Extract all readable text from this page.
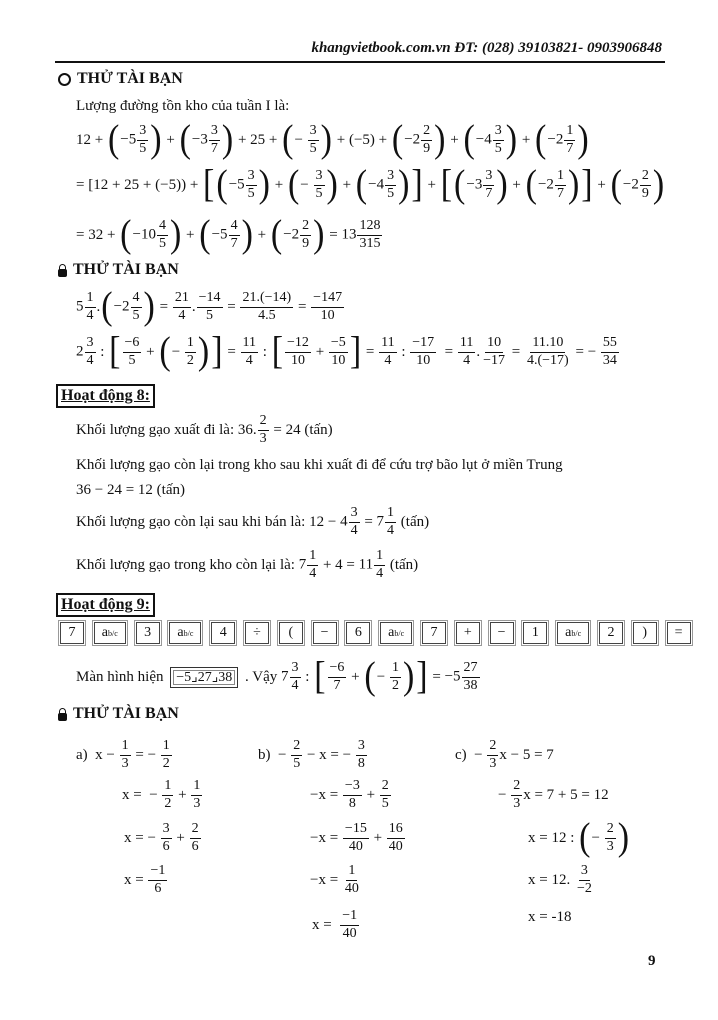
khangvietbook.com.vn ĐT: (028) 39103821- 0903906848
THỬ TÀI BẠN
Lượng đường tồn kho của tuần I là:
THỬ TÀI BẠN
Hoạt động 8:
Hoạt động 9:
7	a b/c	3	a b/c	4	÷	(	−	6	a b/c	7	+	−	1	a b/c	2	)	=
THỬ TÀI BẠN
9
12 + ( $-5 \frac{3}{5}$ ) + ( $-3 \frac{3}{7}$ ) + 25 + ( − $\frac{3}{5}$ ) + (−5) + ( $-2 \frac{2}{9}$ ) + ( $-4 \frac{3}{5}$ ) + ( $-2 \frac{1}{7}$ )
= [12 + 25 + (−5)) + [ ( $-5 \frac{3}{5}$ ) + ( − $\frac{3}{5}$ ) + ( $-4 \frac{3}{5}$ ) ] + [ ( $-3 \frac{3}{7}$ ) + ( $-2 \frac{1}{7}$ ) ] + ( $-2 \frac{2}{9}$ )
= 32 + ( $-10 \frac{4}{5}$ ) + ( $-5 \frac{4}{7}$ ) + ( $-2 \frac{2}{9}$ ) = $13 \frac{128}{315}$
$5 \frac{1}{4}$ . ( $-2 \frac{4}{5}$ ) = $\frac{21}{4}$ . $\frac{-14}{5} = \frac{21.(-14)}{4.5} = \frac{-147}{10}$
$2 \frac{3}{4}$ : [ $\frac{-6}{5}$ + ( − $\frac{1}{2}$ ) ] = $\frac{11}{4}$ : [ $\frac{-12}{10} + \frac{-5}{10}$ ] = $\frac{11}{4}$ : $\frac{-17}{10} = \frac{11}{4}$ . $\frac{10}{-17} = \frac{11.10}{4.(-17)}$ = − $\frac{55}{34}$
Khối lượng gạo xuất đi là: 36. $\frac{2}{3} = 24$ (tấn)
Khối lượng gạo còn lại trong kho sau khi xuất đi để cứu trợ bão lụt ở miền Trung
36 − 24 = 12 (tấn)
Khối lượng gạo còn lại sau khi bán là: $12 - 4 \frac{3}{4} = 7 \frac{1}{4}$ (tấn)
Khối lượng gạo trong kho còn lại là: $7 \frac{1}{4} + 4 = 11 \frac{1}{4}$ (tấn)
Màn hình hiện −5⌟27⌟38 . Vậy $7 \frac{3}{4}$ : [ $\frac{-6}{7}$ + ( − $\frac{1}{2}$ ) ] = $-5 \frac{27}{38}$
a)  $x - \frac{1}{3}$ = − $\frac{1}{2}$
x =  − $\frac{1}{2} + \frac{1}{3}$
x = − $\frac{3}{6} + \frac{2}{6}$
$x = \frac{-1}{6}$
$b) - \frac{2}{5} - x$ = − $\frac{3}{8}$
$-x = \frac{-3}{8} + \frac{2}{5}$
$-x = \frac{-15}{40} + \frac{16}{40}$
$-x = \frac{1}{40}$
$x = \frac{-1}{40}$
$c) - \frac{2}{3}$ x − 5 = 7
− $\frac{2}{3}$ x = 7 + 5 = 12
x = 12 : ( − $\frac{2}{3}$ )
x = 12. $\frac{3}{-2}$
x = -18
